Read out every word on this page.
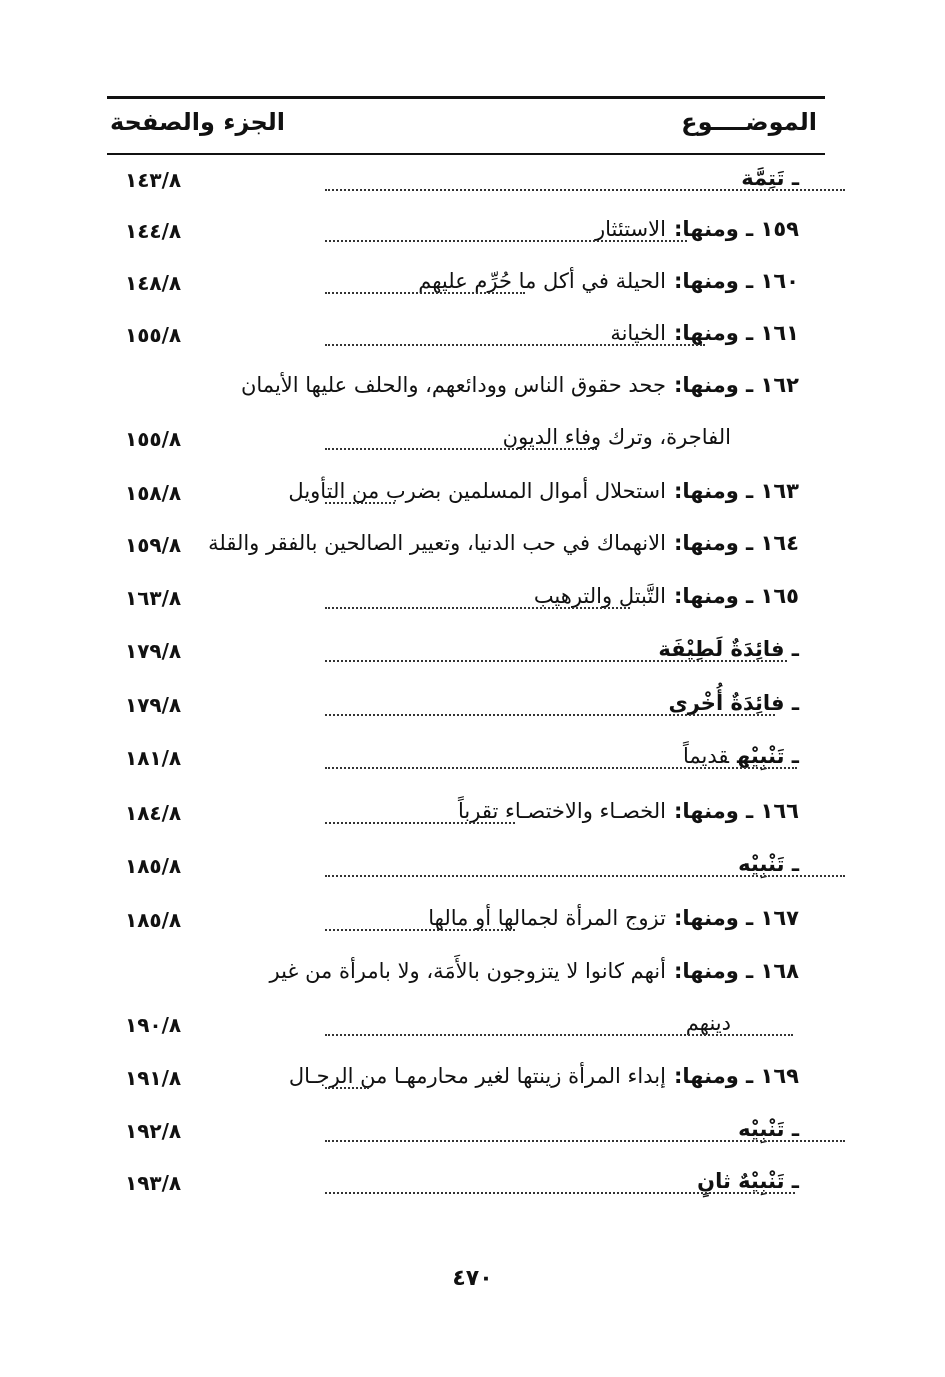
الموضــــوع
الجزء والصفحة
ـ تَتِمَّة
١٤٣/٨
١٥٩ ـ ومنها:الاستئثار
١٤٤/٨
١٦٠ ـ ومنها:الحيلة في أكل ما حُرِّم عليهم
١٤٨/٨
١٦١ ـ ومنها:الخيانة
١٥٥/٨
١٦٢ ـ ومنها:جحد حقوق الناس وودائعهم، والحلف عليها الأيمان
الفاجرة، وترك وفاء الديون
١٥٥/٨
١٦٣ ـ ومنها:استحلال أموال المسلمين بضرب من التأويل
١٥٨/٨
١٦٤ ـ ومنها:الانهماك في حب الدنيا، وتعيير الصالحين بالفقر والقلة
١٥٩/٨
١٦٥ ـ ومنها:التَّبتل والترهيب
١٦٣/٨
ـ فائِدَةٌ لَطِيْفَة
١٧٩/٨
ـ فائِدَةٌ أُخْرى
١٧٩/٨
ـ تَنْبِيْهقديماً
١٨١/٨
١٦٦ ـ ومنها:الخصـاء والاختصـاء تقرباً
١٨٤/٨
ـ تَنْبِيْه
١٨٥/٨
١٦٧ ـ ومنها:تزوج المرأة لجمالها أو مالها
١٨٥/٨
١٦٨ ـ ومنها:أنهم كانوا لا يتزوجون بالأَمَة، ولا بامرأة من غير
دينهم
١٩٠/٨
١٦٩ ـ ومنها:إبداء المرأة زينتها لغير محارمهـا من الرجـال
١٩١/٨
ـ تَنْبِيْه
١٩٢/٨
ـ تَنْبِيْهٌ ثانٍ
١٩٣/٨
٤٧٠
